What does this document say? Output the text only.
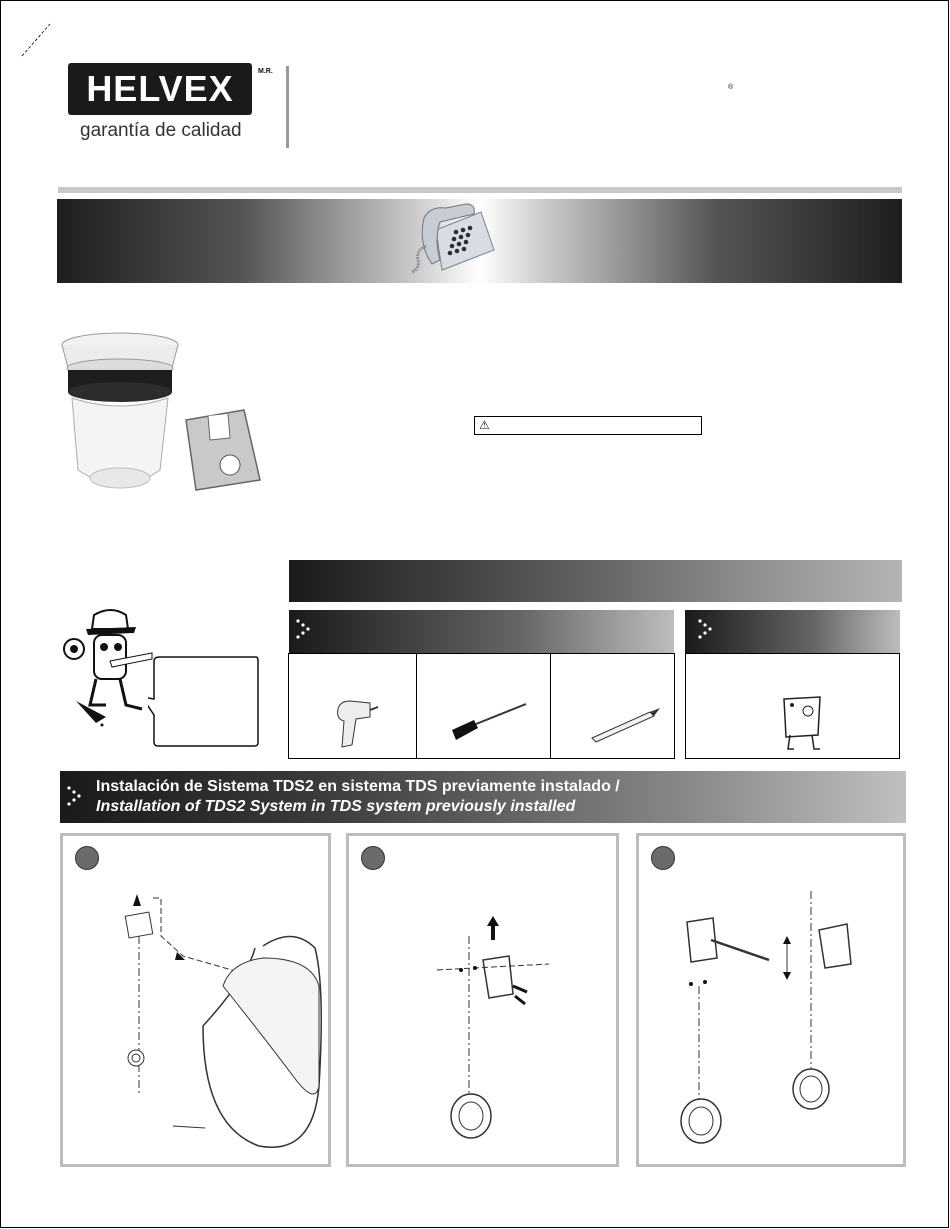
HELVEX	M.R.
garantía de calidad
®
⚠
Instalación de Sistema TDS2 en sistema TDS previamente instalado /
Installation of TDS2 System in TDS system previously installed
